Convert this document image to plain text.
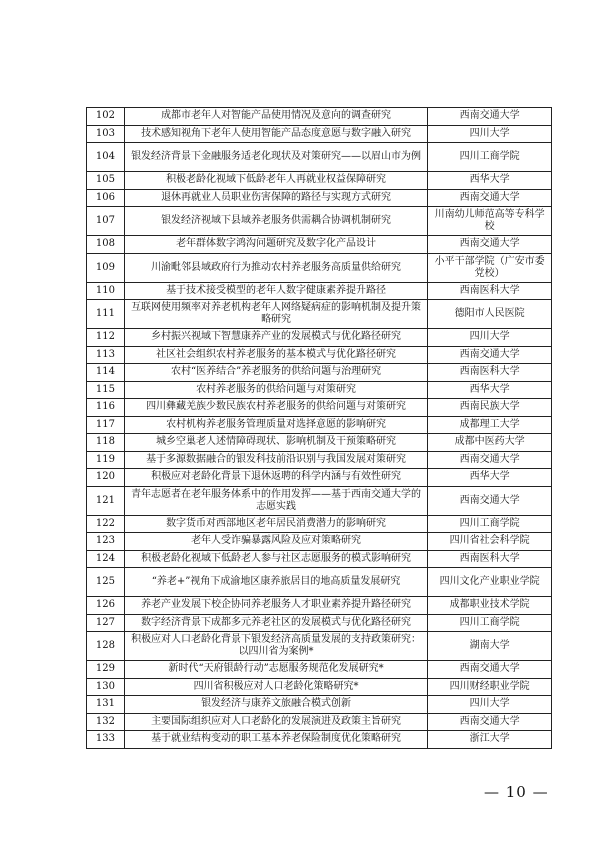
102	成都市老年人对智能产品使用情况及意向的调查研究	西南交通大学
103	技术感知视角下老年人使用智能产品态度意愿与数字融入研究	四川大学
104	银发经济背景下金融服务适老化现状及对策研究——以眉山市为例	四川工商学院
105	积极老龄化视域下低龄老年人再就业权益保障研究	西华大学
106	退休再就业人员职业伤害保障的路径与实现方式研究	西南交通大学
107	银发经济视域下县域养老服务供需耦合协调机制研究	川南幼儿师范高等专科学校
108	老年群体数字鸿沟问题研究及数字化产品设计	西南交通大学
109	川渝毗邻县域政府行为推动农村养老服务高质量供给研究	小平干部学院（广安市委党校）
110	基于技术接受模型的老年人数字健康素养提升路径	西南医科大学
111	互联网使用频率对养老机构老年人网络疑病症的影响机制及提升策略研究	德阳市人民医院
112	乡村振兴视域下智慧康养产业的发展模式与优化路径研究	四川大学
113	社区社会组织农村养老服务的基本模式与优化路径研究	西南交通大学
114	农村“医养结合”养老服务的供给问题与治理研究	西南医科大学
115	农村养老服务的供给问题与对策研究	西华大学
116	四川彝藏羌族少数民族农村养老服务的供给问题与对策研究	西南民族大学
117	农村机构养老服务管理质量对选择意愿的影响研究	成都理工大学
118	城乡空巢老人述情障碍现状、影响机制及干预策略研究	成都中医药大学
119	基于多源数据融合的银发科技前沿识别与我国发展对策研究	西南交通大学
120	积极应对老龄化背景下退休返聘的科学内涵与有效性研究	西华大学
121	青年志愿者在老年服务体系中的作用发挥——基于西南交通大学的志愿实践	西南交通大学
122	数字货币对西部地区老年居民消费潜力的影响研究	四川工商学院
123	老年人受诈骗暴露风险及应对策略研究	四川省社会科学院
124	积极老龄化视域下低龄老人参与社区志愿服务的模式影响研究	西南医科大学
125	“养老+”视角下成渝地区康养旅居目的地高质量发展研究	四川文化产业职业学院
126	养老产业发展下校企协同养老服务人才职业素养提升路径研究	成都职业技术学院
127	数字经济背景下成都多元养老社区的发展模式与优化路径研究	四川工商学院
128	积极应对人口老龄化背景下银发经济高质量发展的支持政策研究：以四川省为案例*	湖南大学
129	新时代“天府银龄行动”志愿服务规范化发展研究*	西南交通大学
130	四川省积极应对人口老龄化策略研究*	四川财经职业学院
131	银发经济与康养文旅融合模式创新	四川大学
132	主要国际组织应对人口老龄化的发展演进及政策主旨研究	西南交通大学
133	基于就业结构变动的职工基本养老保险制度优化策略研究	浙江大学
— 10 —
